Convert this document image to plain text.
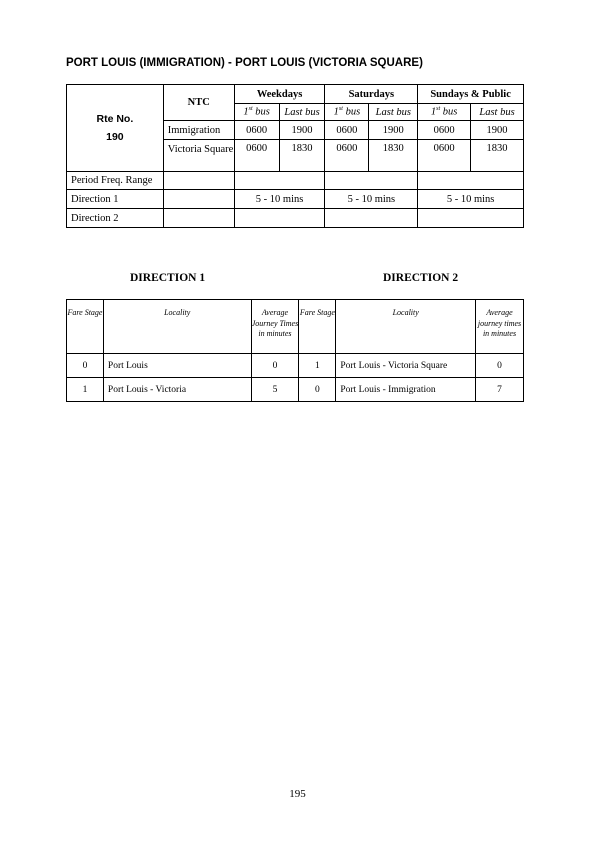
PORT LOUIS (IMMIGRATION) - PORT LOUIS (VICTORIA SQUARE)
Rte No.
190	NTC	Weekdays		Saturdays		Sundays & Public	
		1st bus	Last bus	1st bus	Last bus	1st bus	Last bus
	Immigration	0600	1900	0600	1900	0600	1900
	Victoria Square	0600	1830	0600	1830	0600	1830
Period Freq. Range							
Direction 1		5 - 10 mins		5 - 10 mins		5 - 10 mins	
Direction 2							
DIRECTION 1	DIRECTION 2
Fare Stage	Locality	Average Journey Times in minutes	Fare Stage	Locality	Average journey times in minutes
0	Port Louis	0	1	Port Louis - Victoria Square	0
1	Port Louis - Victoria	5	0	Port Louis - Immigration	7
195
